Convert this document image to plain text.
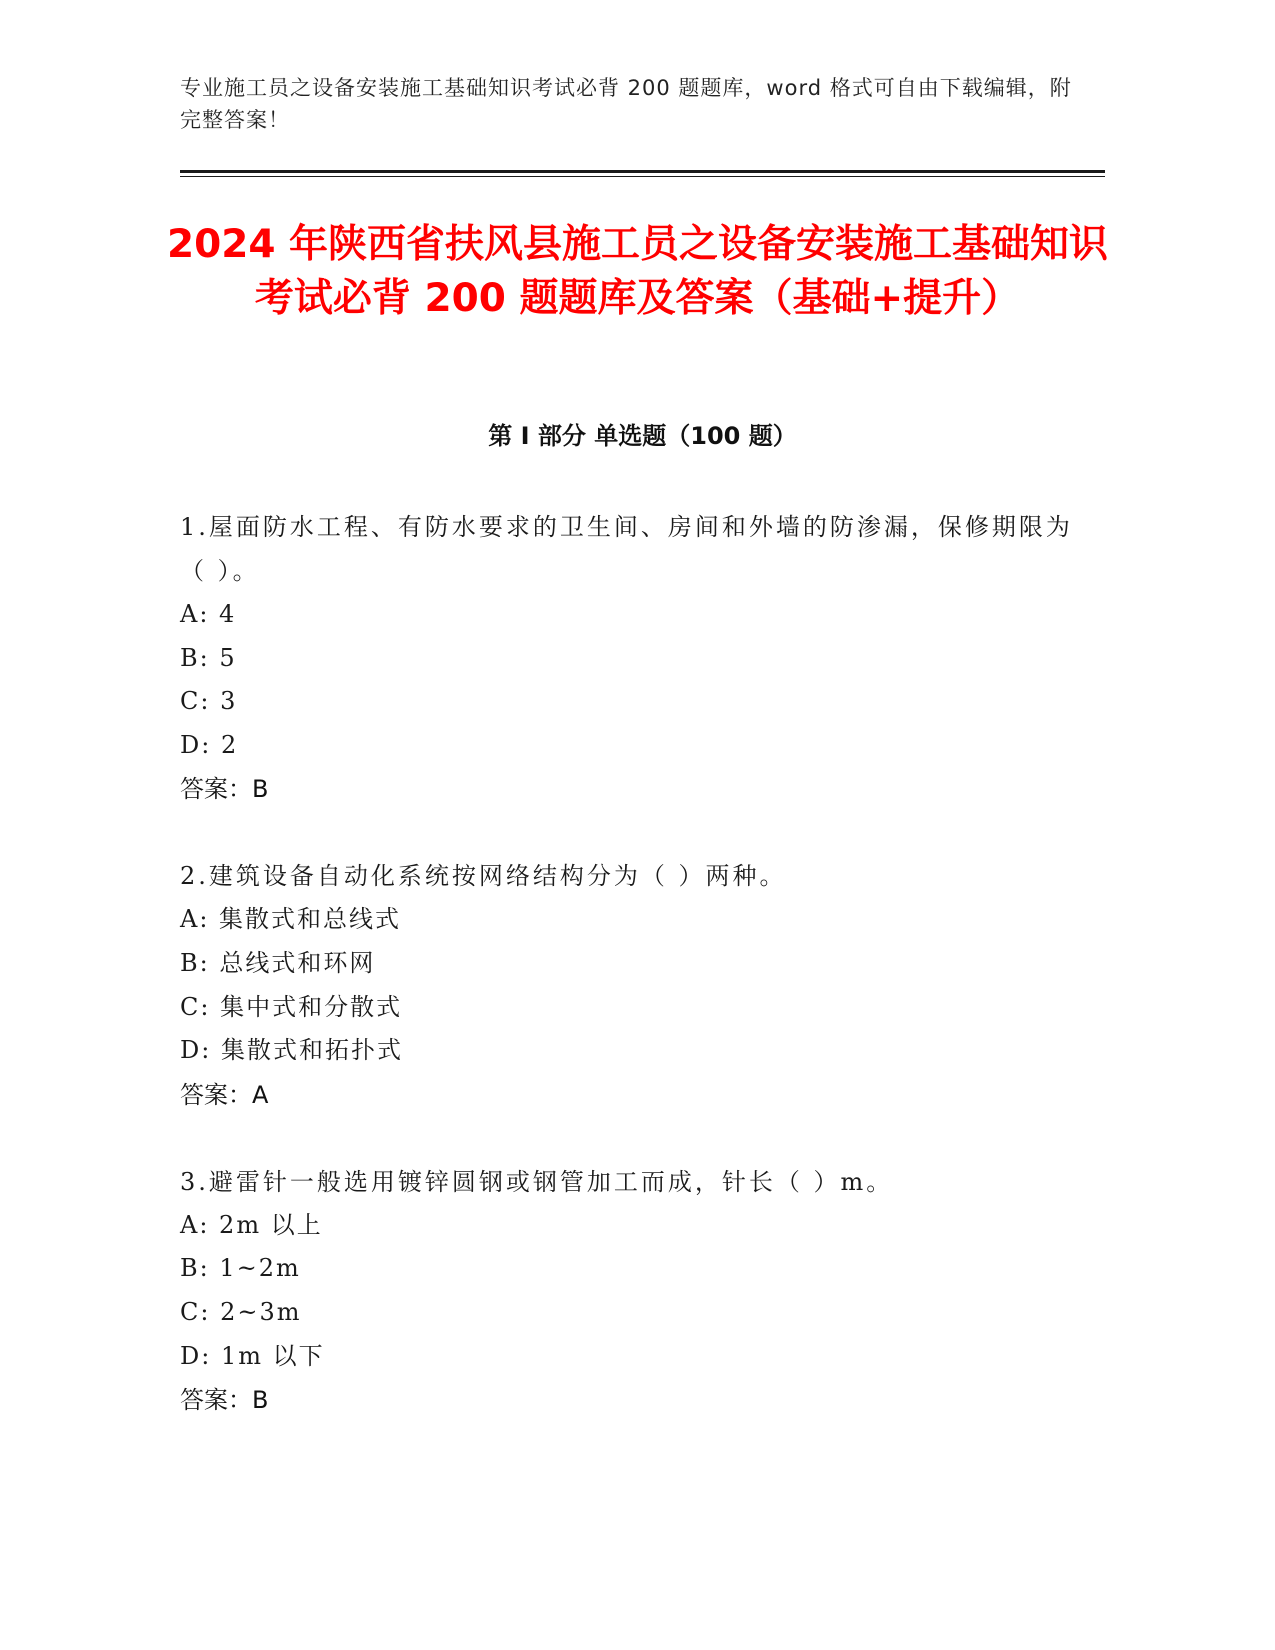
专业施工员之设备安装施工基础知识考试必背 200 题题库，word 格式可自由下载编辑，附完整答案！
2024 年陕西省扶风县施工员之设备安装施工基础知识考试必背 200 题题库及答案（基础+提升）
第 I 部分 单选题（100 题）

1.屋面防水工程、有防水要求的卫生间、房间和外墙的防渗漏，保修期限为（ ）。

A: 4
B: 5
C: 3
D: 2
答案：B

2.建筑设备自动化系统按网络结构分为（ ）两种。

A: 集散式和总线式
B: 总线式和环网
C: 集中式和分散式
D: 集散式和拓扑式
答案：A

3.避雷针一般选用镀锌圆钢或钢管加工而成，针长（ ）m。

A: 2m 以上
B: 1~2m
C: 2~3m
D: 1m 以下
答案：B
